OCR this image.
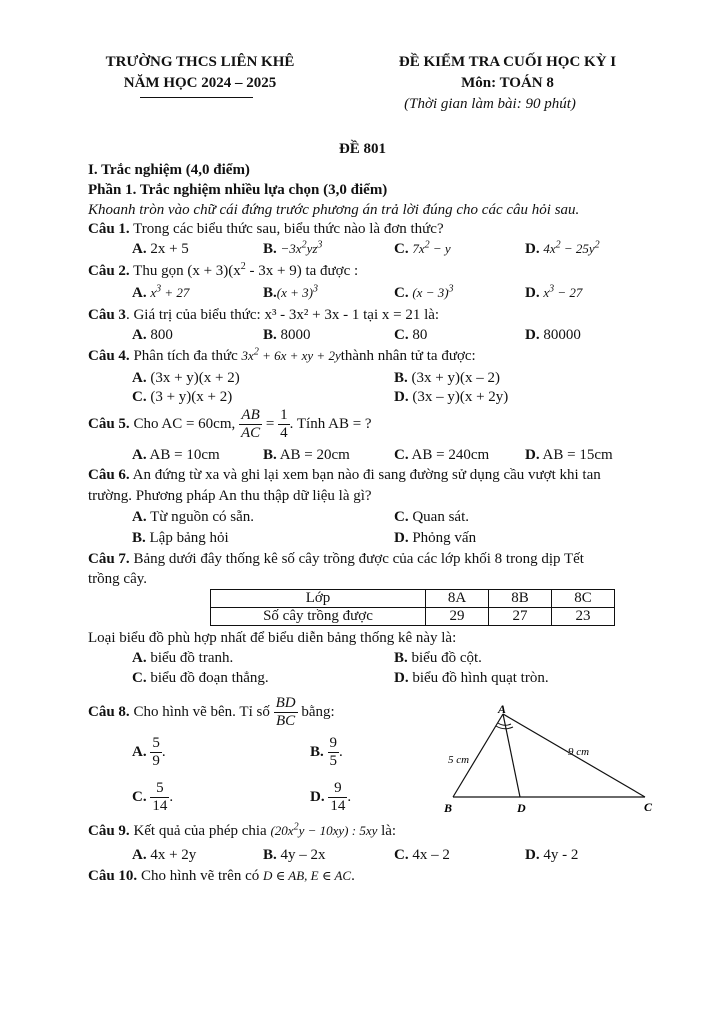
TRƯỜNG THCS LIÊN KHÊ
NĂM HỌC 2024 – 2025
ĐỀ KIỂM TRA CUỐI HỌC KỲ I
Môn: TOÁN 8
(Thời gian làm bài: 90 phút)
ĐỀ 801
I. Trắc nghiệm (4,0 điểm)
Phần 1. Trắc nghiệm nhiều lựa chọn (3,0 điểm)
Khoanh tròn vào chữ cái đứng trước phương án trả lời đúng cho các câu hỏi sau.
Câu 1. Trong các biểu thức sau, biểu thức nào là đơn thức?
A. 2x + 5	B. $-3x^2yz^3$	C. $7x^2 - y$	D. $4x^2 - 25y^2$
Câu 2. Thu gọn $(x + 3)(x^2 - 3x + 9)$ ta được :
A. $x^3 + 27$	$B.(x + 3)^3$	C. $(x - 3)^3$	D. $x^3 - 27$
Câu 3. Giá trị của biểu thức: x³ - 3x² + 3x - 1 tại x = 21 là:
A. 800	B. 8000	C. 80	D. 80000
Câu 4. Phân tích đa thức $3x^2 + 6x$ + xy + 2ythành nhân tử ta được:
A. (3x + y)(x + 2)	B. (3x + y)(x – 2)
C. (3 + y)(x + 2)	D. (3x – y)(x + 2y)
Câu 5. Cho AC = 60cm, $\frac{AB}{AC} = \frac{1}{4}$ . Tính AB = ?
A. AB = 10cm	B. AB = 20cm	C. AB = 240cm D. AB = 15cm
Câu 6. An đứng từ xa và ghi lại xem bạn nào đi sang đường sử dụng cầu vượt khi tan
trường. Phương pháp An thu thập dữ liệu là gì?
A. Từ nguồn có sẵn.	C. Quan sát.
B. Lập bảng hỏi	D. Phỏng vấn
Câu 7. Bảng dưới đây thống kê số cây trồng được của các lớp khối 8 trong dịp Tết
trồng cây.
Lớp	8A	8B	8C
Số cây trồng được	29	27	23
Loại biểu đồ phù hợp nhất để biểu diễn bảng thống kê này là:
A. biểu đồ tranh.	B. biểu đồ cột.
C. biểu đồ đoạn thẳng.	D. biểu đồ hình quạt tròn.
Câu 8. Cho hình vẽ bên. Tỉ số $\frac{BD}{BC}$ bằng:
A. $\frac{5}{9}$ .	B. $\frac{9}{5}$ .
C. $\frac{5}{14}$ .	D. $\frac{9}{14}$ .
A
B	C
D
5 cm
9 cm
Câu 9. Kết quả của phép chia $(20x^2y - 10xy)$ : 5xy là:
A. 4x + 2y	B. 4y – 2x	C. 4x – 2	D. 4y - 2
Câu 10. Cho hình vẽ trên có D ∈ AB, E ∈ AC.
